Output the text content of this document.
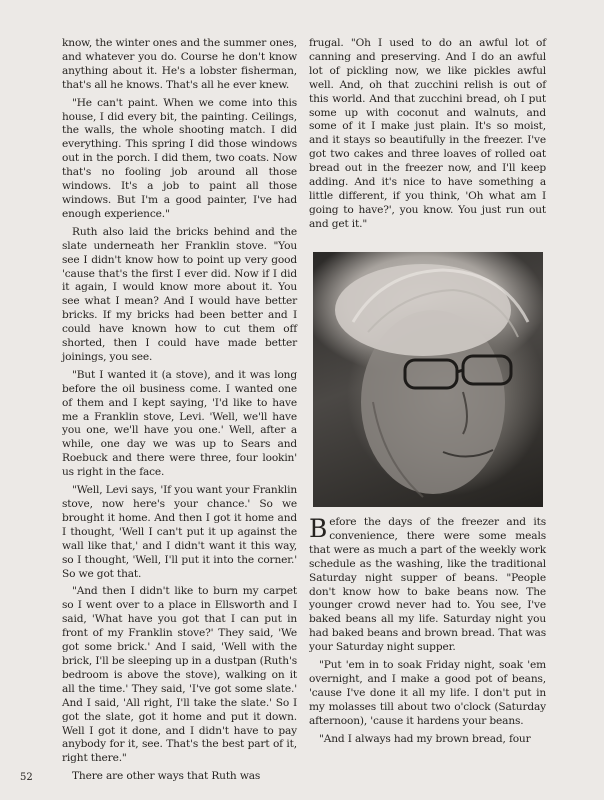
know, the winter ones and the summer ones, and whatever you do. Course he don't know anything about it. He's a lobster fisherman, that's all he knows. That's all he ever knew.

"He can't paint. When we come into this house, I did every bit, the painting. Ceilings, the walls, the whole shooting match. I did everything. This spring I did those windows out in the porch. I did them, two coats. Now that's no fooling job around all those windows. It's a job to paint all those windows. But I'm a good painter, I've had enough experience."

Ruth also laid the bricks behind and the slate underneath her Franklin stove. "You see I didn't know how to point up very good 'cause that's the first I ever did. Now if I did it again, I would know more about it. You see what I mean? And I would have better bricks. If my bricks had been better and I could have known how to cut them off shorted, then I could have made better joinings, you see.

"But I wanted it (a stove), and it was long before the oil business come. I wanted one of them and I kept saying, 'I'd like to have me a Franklin stove, Levi. 'Well, we'll have you one, we'll have you one.' Well, after a while, one day we was up to Sears and Roebuck and there were three, four lookin' us right in the face.

"Well, Levi says, 'If you want your Franklin stove, now here's your chance.' So we brought it home. And then I got it home and I thought, 'Well I can't put it up against the wall like that,' and I didn't want it this way, so I thought, 'Well, I'll put it into the corner.' So we got that.

"And then I didn't like to burn my carpet so I went over to a place in Ellsworth and I said, 'What have you got that I can put in front of my Franklin stove?' They said, 'We got some brick.' And I said, 'Well with the brick, I'll be sleeping up in a dustpan (Ruth's bedroom is above the stove), walking on it all the time.' They said, 'I've got some slate.' And I said, 'All right, I'll take the slate.' So I got the slate, got it home and put it down. Well I got it done, and I didn't have to pay anybody for it, see. That's the best part of it, right there."

There are other ways that Ruth was

frugal. "Oh I used to do an awful lot of canning and preserving. And I do an awful lot of pickling now, we like pickles awful well. And, oh that zucchini relish is out of this world. And that zucchini bread, oh I put some up with coconut and walnuts, and some of it I make just plain. It's so moist, and it stays so beautifully in the freezer. I've got two cakes and three loaves of rolled oat bread out in the freezer now, and I'll keep adding. And it's nice to have something a little different, if you think, 'Oh what am I going to have?', you know. You just run out and get it."

Before the days of the freezer and its convenience, there were some meals that were as much a part of the weekly work schedule as the washing, like the traditional Saturday night supper of beans. "People don't know how to bake beans now. The younger crowd never had to. You see, I've baked beans all my life. Saturday night you had baked beans and brown bread. That was your Saturday night supper.

"Put 'em in to soak Friday night, soak 'em overnight, and I make a good pot of beans, 'cause I've done it all my life. I don't put in my molasses till about two o'clock (Saturday afternoon), 'cause it hardens your beans.

"And I always had my brown bread, four

52
